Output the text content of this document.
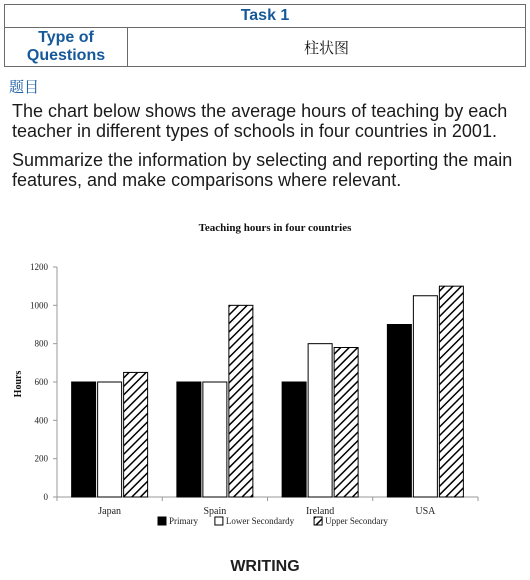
Task 1
Type of Questions	柱状图
题目
The chart below shows the average hours of teaching by each teacher in different types of schools in four countries in 2001.
Summarize the information by selecting and reporting the main features, and make comparisons where relevant.
Teaching hours in four countries
Hours
0
200
400
600
800
1000
1200
Japan	Spain	Ireland	USA
Primary	Lower Secondardy	Upper Secondary
WRITING
